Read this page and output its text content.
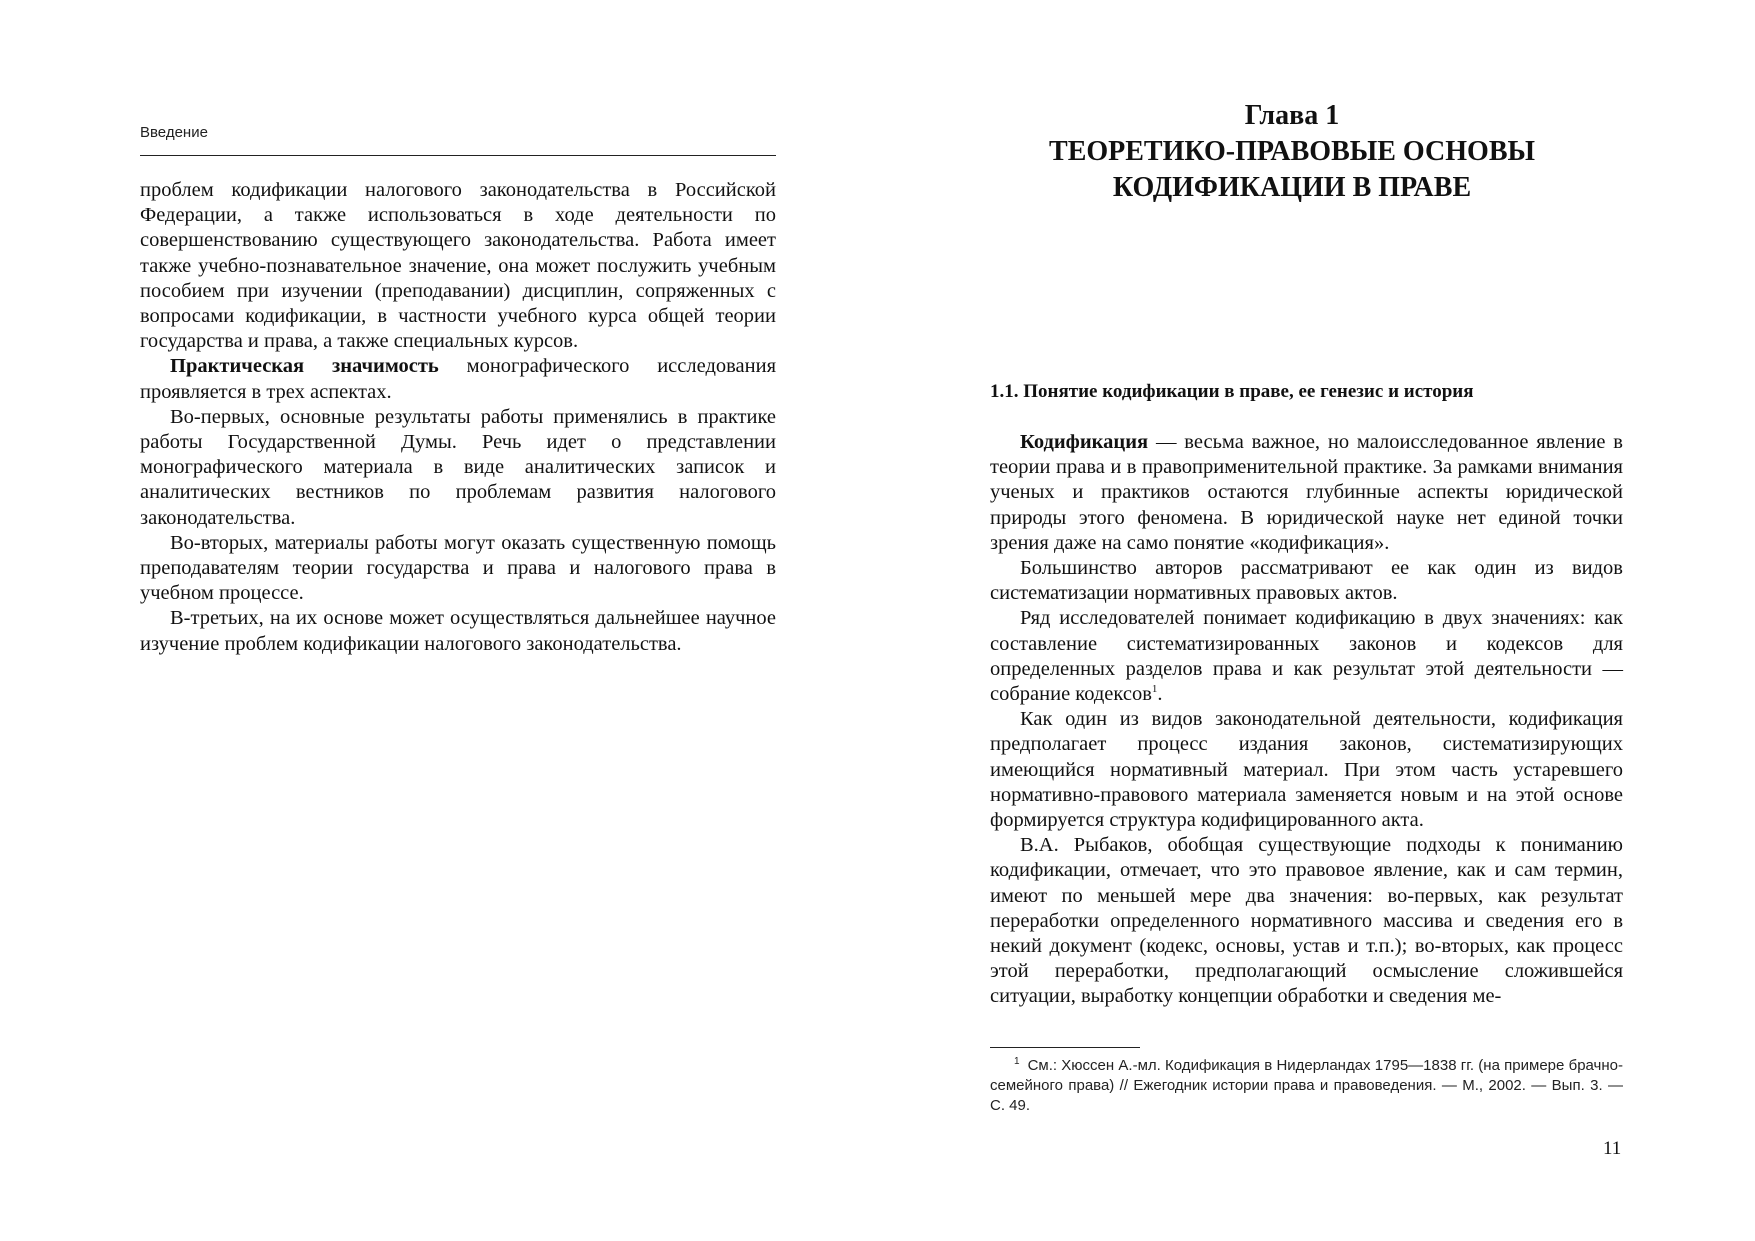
Введение

проблем кодификации налогового законодательства в Российской Федерации, а также использоваться в ходе деятельности по совершенствованию существующего законодательства. Работа имеет также учебно-познавательное значение, она может послужить учебным пособием при изучении (преподавании) дисциплин, сопряженных с вопросами кодификации, в частности учебного курса общей теории государства и права, а также специальных курсов.

Практическая значимость монографического исследования проявляется в трех аспектах.

Во-первых, основные результаты работы применялись в практике работы Государственной Думы. Речь идет о представлении монографического материала в виде аналитических записок и аналитических вестников по проблемам развития налогового законодательства.

Во-вторых, материалы работы могут оказать существенную помощь преподавателям теории государства и права и налогового права в учебном процессе.

В-третьих, на их основе может осуществляться дальнейшее научное изучение проблем кодификации налогового законодательства.

Глава 1
ТЕОРЕТИКО-ПРАВОВЫЕ ОСНОВЫ
КОДИФИКАЦИИ В ПРАВЕ
1.1. Понятие кодификации в праве, ее генезис и история

Кодификация — весьма важное, но малоисследованное явление в теории права и в правоприменительной практике. За рамками внимания ученых и практиков остаются глубинные аспекты юридической природы этого феномена. В юридической науке нет единой точки зрения даже на само понятие «кодификация».

Большинство авторов рассматривают ее как один из видов систематизации нормативных правовых актов.

Ряд исследователей понимает кодификацию в двух значениях: как составление систематизированных законов и кодексов для определенных разделов права и как результат этой деятельности — собрание кодексов$^1$.

Как один из видов законодательной деятельности, кодификация предполагает процесс издания законов, систематизирующих имеющийся нормативный материал. При этом часть устаревшего нормативно-правового материала заменяется новым и на этой основе формируется структура кодифицированного акта.

В.А. Рыбаков, обобщая существующие подходы к пониманию кодификации, отмечает, что это правовое явление, как и сам термин, имеют по меньшей мере два значения: во-первых, как результат переработки определенного нормативного массива и сведения его в некий документ (кодекс, основы, устав и т.п.); во-вторых, как процесс этой переработки, предполагающий осмысление сложившейся ситуации, выработку концепции обработки и сведения ме-

$^1$ См.: Хюссен А.-мл. Кодификация в Нидерландах 1795—1838 гг. (на примере брачно-семейного права) // Ежегодник истории права и правоведения. — М., 2002. — Вып. 3. — С. 49.
11
